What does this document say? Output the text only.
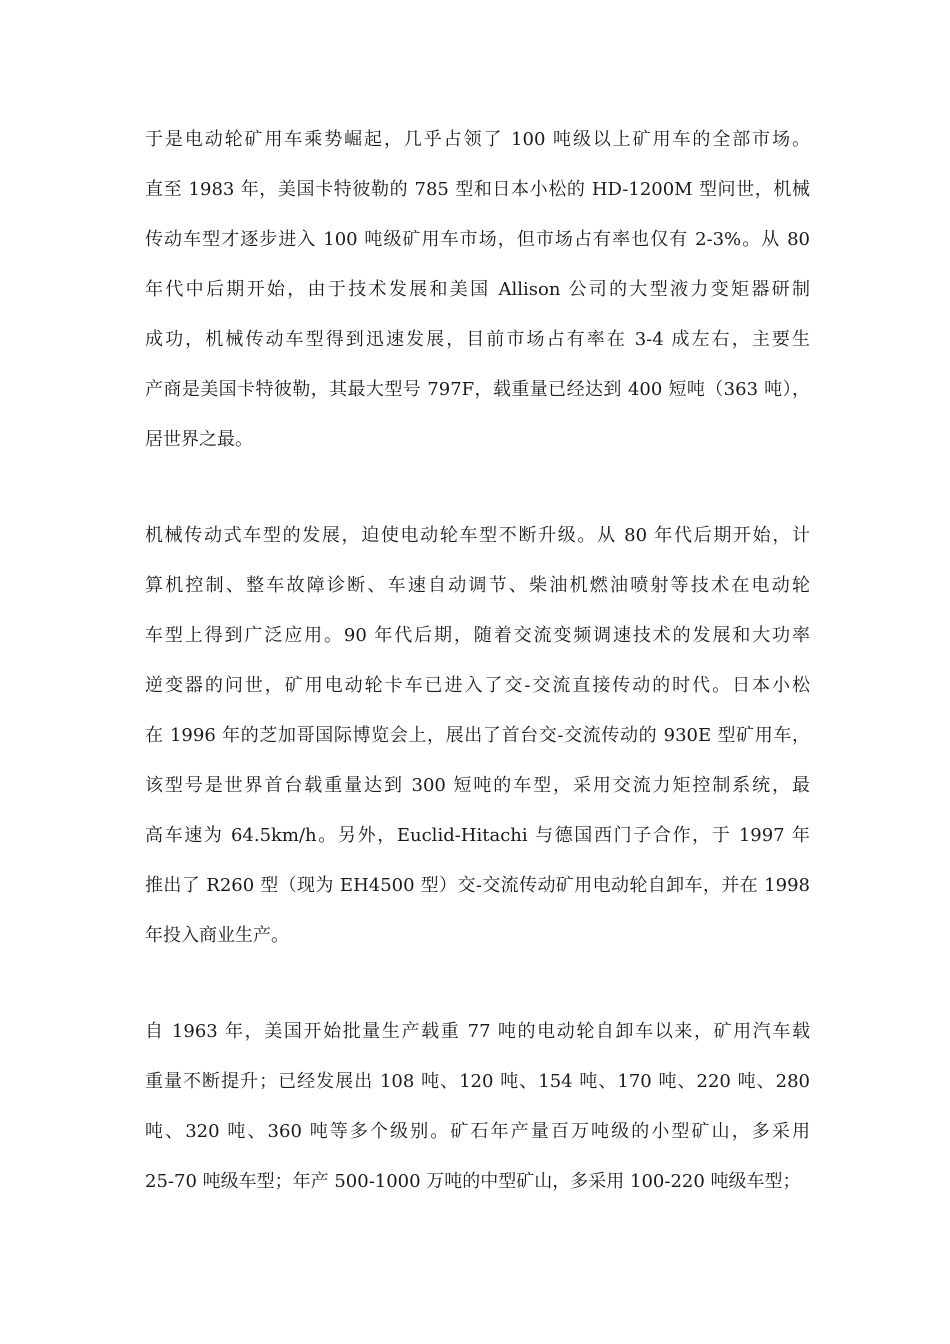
于是电动轮矿用车乘势崛起，几乎占领了 100 吨级以上矿用车的全部市场。
直至 1983 年，美国卡特彼勒的 785 型和日本小松的 HD-1200M 型问世，机械
传动车型才逐步进入 100 吨级矿用车市场，但市场占有率也仅有 2-3%。从 80
年代中后期开始，由于技术发展和美国 Allison 公司的大型液力变矩器研制
成功，机械传动车型得到迅速发展，目前市场占有率在 3-4 成左右，主要生
产商是美国卡特彼勒，其最大型号 797F，载重量已经达到 400 短吨（363 吨），
居世界之最。
机械传动式车型的发展，迫使电动轮车型不断升级。从 80 年代后期开始，计
算机控制、整车故障诊断、车速自动调节、柴油机燃油喷射等技术在电动轮
车型上得到广泛应用。90 年代后期，随着交流变频调速技术的发展和大功率
逆变器的问世，矿用电动轮卡车已进入了交-交流直接传动的时代。日本小松
在 1996 年的芝加哥国际博览会上，展出了首台交-交流传动的 930E 型矿用车，
该型号是世界首台载重量达到 300 短吨的车型，采用交流力矩控制系统，最
高车速为 64.5km/h。另外，Euclid-Hitachi 与德国西门子合作，于 1997 年
推出了 R260 型（现为 EH4500 型）交-交流传动矿用电动轮自卸车，并在 1998
年投入商业生产。
自 1963 年，美国开始批量生产载重 77 吨的电动轮自卸车以来，矿用汽车载
重量不断提升；已经发展出 108 吨、120 吨、154 吨、170 吨、220 吨、280
吨、320 吨、360 吨等多个级别。矿石年产量百万吨级的小型矿山，多采用
25-70 吨级车型；年产 500-1000 万吨的中型矿山，多采用 100-220 吨级车型；
